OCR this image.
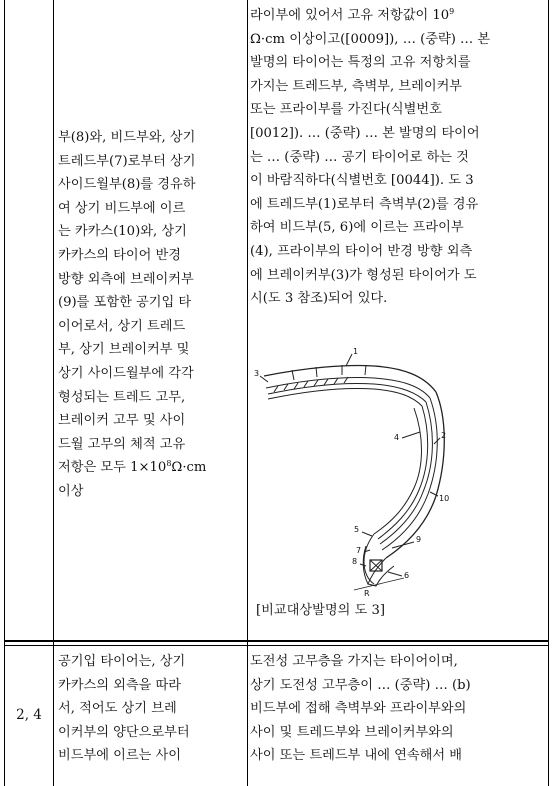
부(8)와, 비드부와, 상기
트레드부(7)로부터 상기
사이드월부(8)를 경유하
여 상기 비드부에 이르
는 카카스(10)와, 상기
카카스의 타이어 반경
방향 외측에 브레이커부
(9)를 포함한 공기입 타
이어로서, 상기 트레드
부, 상기 브레이커부 및
상기 사이드월부에 각각
형성되는 트레드 고무,
브레이커 고무 및 사이
드월 고무의 체적 고유
저항은 모두 $1\times 10^8\Omega\cdot cm$
이상
라이부에 있어서 고유 저항값이 $10^9$
Ω·cm 이상이고([0009]), … (중략) … 본
발명의 타이어는 특정의 고유 저항치를
가지는 트레드부, 측벽부, 브레이커부
또는 프라이부를 가진다(식별번호
[0012]). … (중략) … 본 발명의 타이어
는 … (중략) … 공기 타이어로 하는 것
이 바람직하다(식별번호 [0044]). 도 3
에 트레드부(1)로부터 측벽부(2)를 경유
하여 비드부(5, 6)에 이르는 프라이부
(4), 프라이부의 타이어 반경 방향 외측
에 브레이커부(3)가 형성된 타이어가 도
시(도 3 참조)되어 있다.
1
3
4	2
10
5
9
7
8
6
R
[비교대상발명의 도 3]
2, 4
공기입 타이어는, 상기
카카스의 외측을 따라
서, 적어도 상기 브레
이커부의 양단으로부터
비드부에 이르는 사이
도전성 고무층을 가지는 타이어이며,
상기 도전성 고무층이 … (중략) … (b)
비드부에 접해 측벽부와 프라이부와의
사이 및 트레드부와 브레이커부와의
사이 또는 트레드부 내에 연속해서 배
